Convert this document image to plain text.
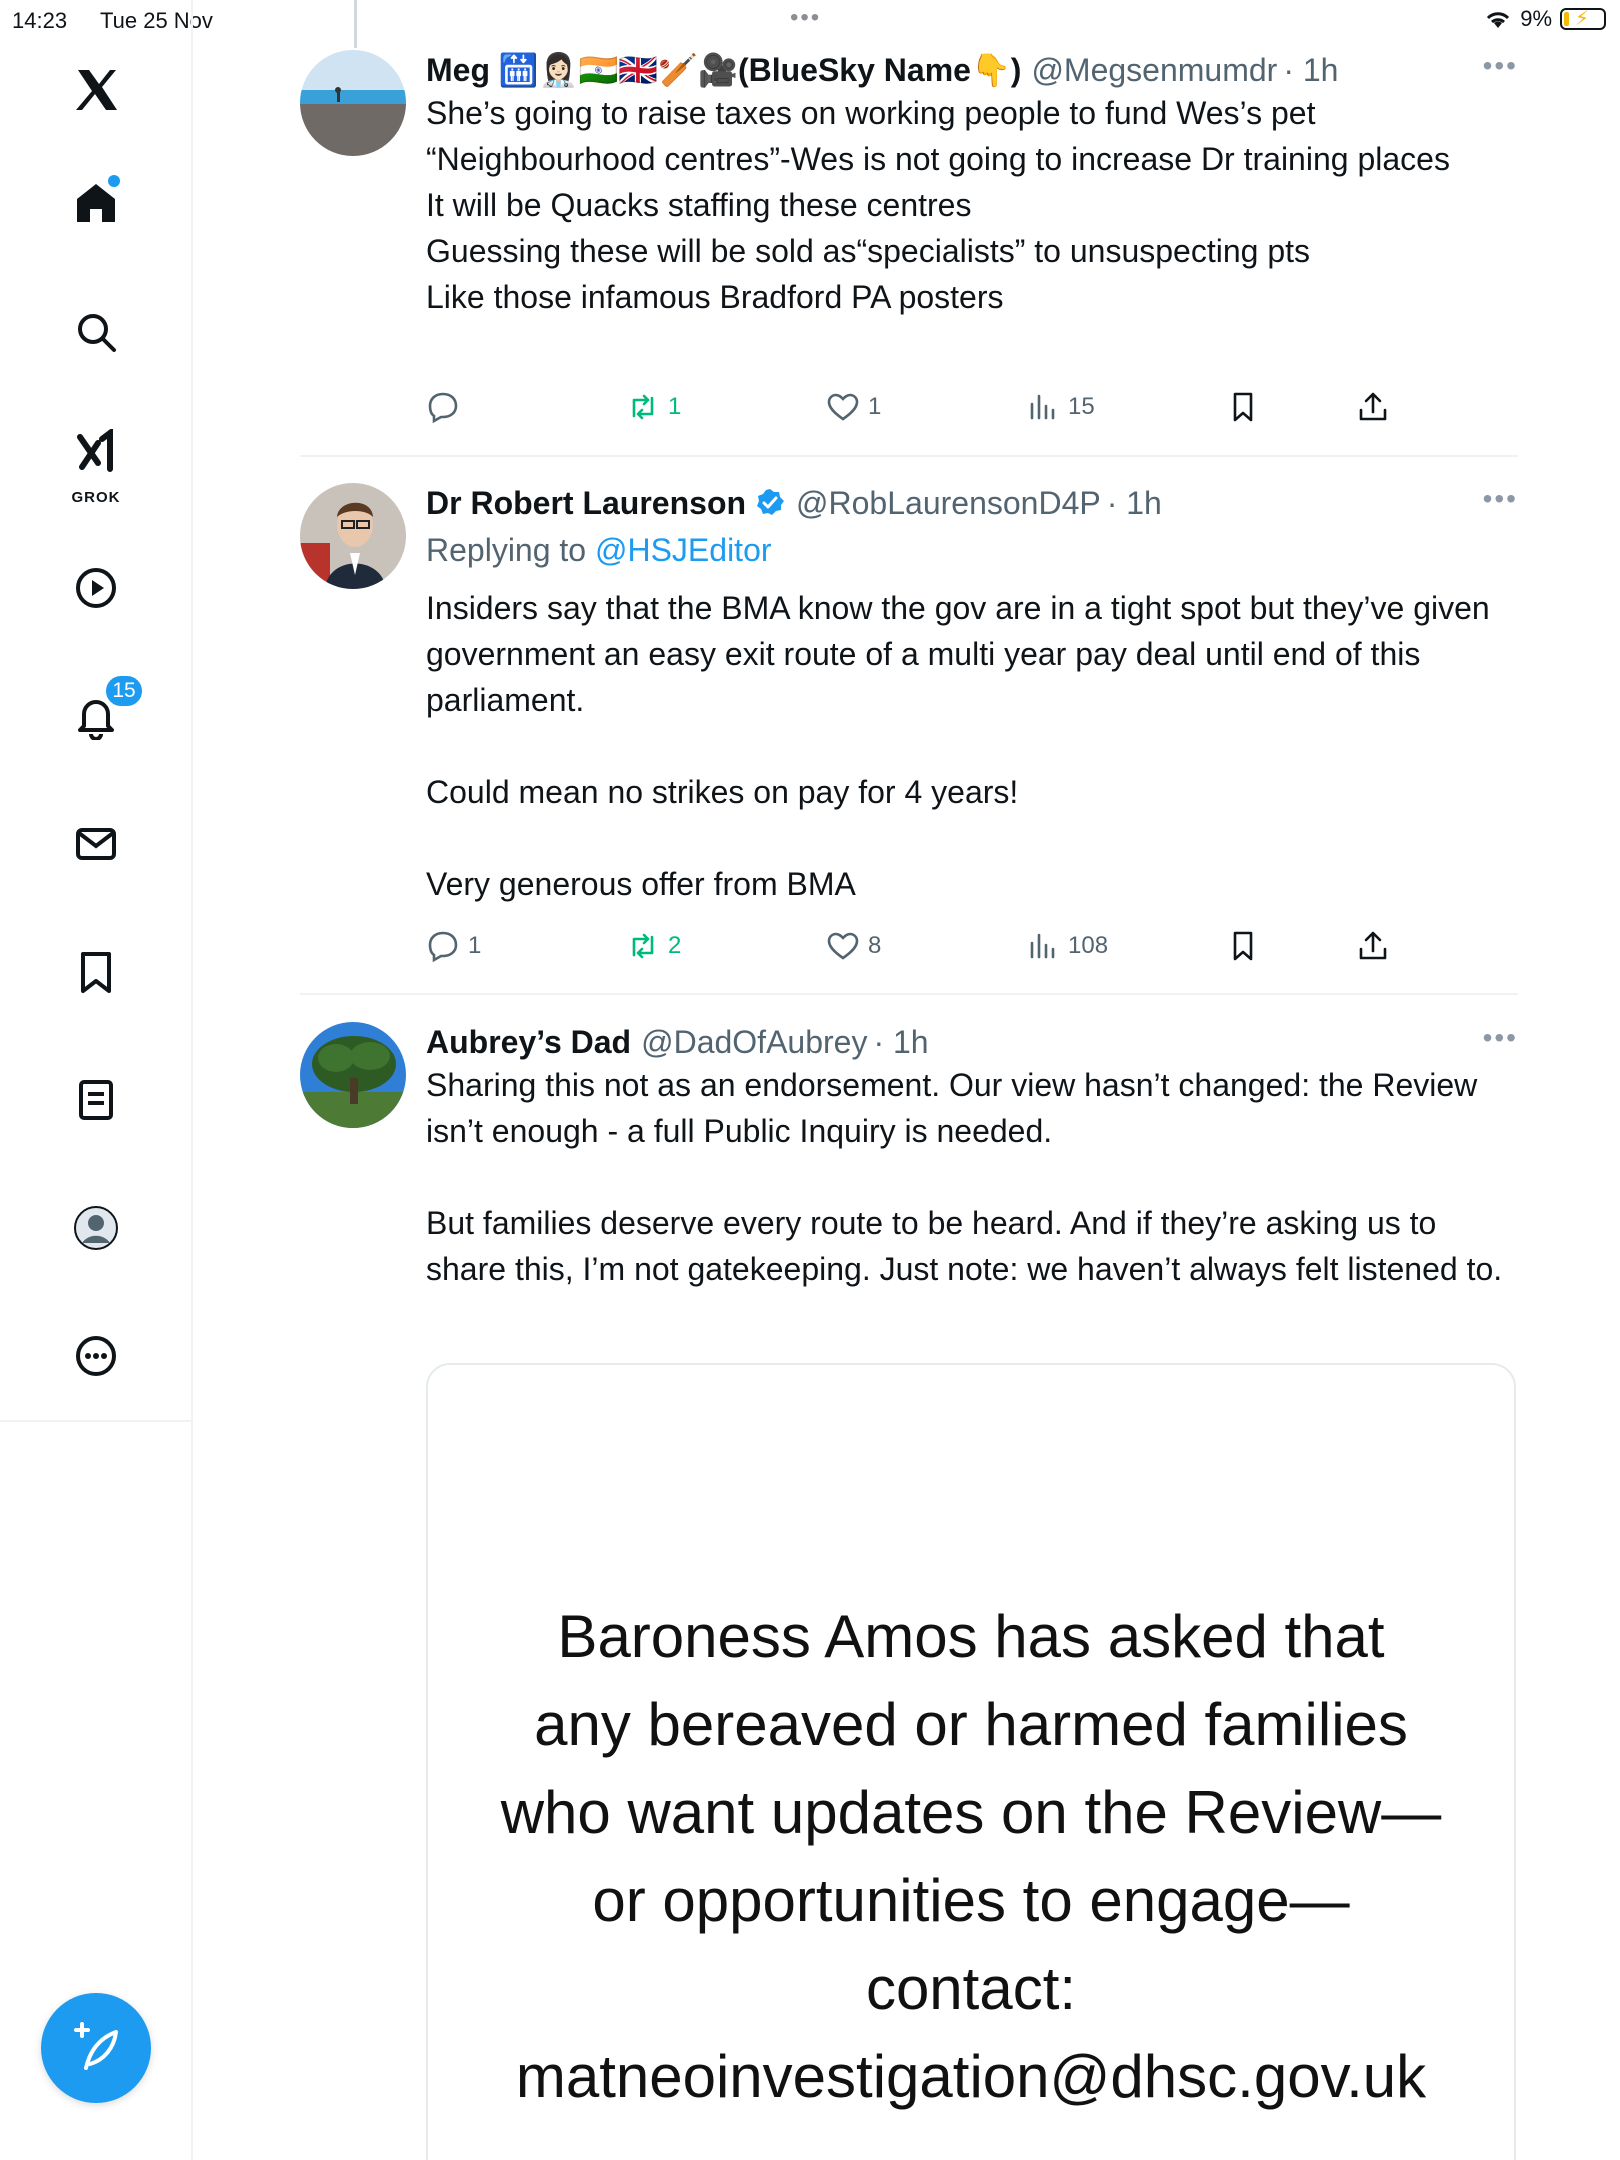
14:23 Tue 25 Nov	•••	9% ⚡
GROK
15
Meg 🛗👩🏻‍⚕️🇮🇳🇬🇧🏏🎥(BlueSky Name👇) @Megsenmumdr · 1h	•••
She’s going to raise taxes on working people to fund Wes’s pet “Neighbourhood centres”-Wes is not going to increase Dr training places
It will be Quacks staffing these centres
Guessing these will be sold as“specialists” to unsuspecting pts
Like those infamous Bradford PA posters
1	1	15
Dr Robert Laurenson @RobLaurensonD4P · 1h	•••
Replying to @HSJEditor
Insiders say that the BMA know the gov are in a tight spot but they’ve given government an easy exit route of a multi year pay deal until end of this parliament.

Could mean no strikes on pay for 4 years!

Very generous offer from BMA
1	2	8	108
Aubrey’s Dad @DadOfAubrey · 1h	•••
Sharing this not as an endorsement. Our view hasn’t changed: the Review isn’t enough - a full Public Inquiry is needed.

But families deserve every route to be heard. And if they’re asking us to share this, I’m not gatekeeping. Just note: we haven’t always felt listened to.
Baroness Amos has asked that
any bereaved or harmed families
who want updates on the Review—
or opportunities to engage—
contact:
matneoinvestigation@dhsc.gov.uk
